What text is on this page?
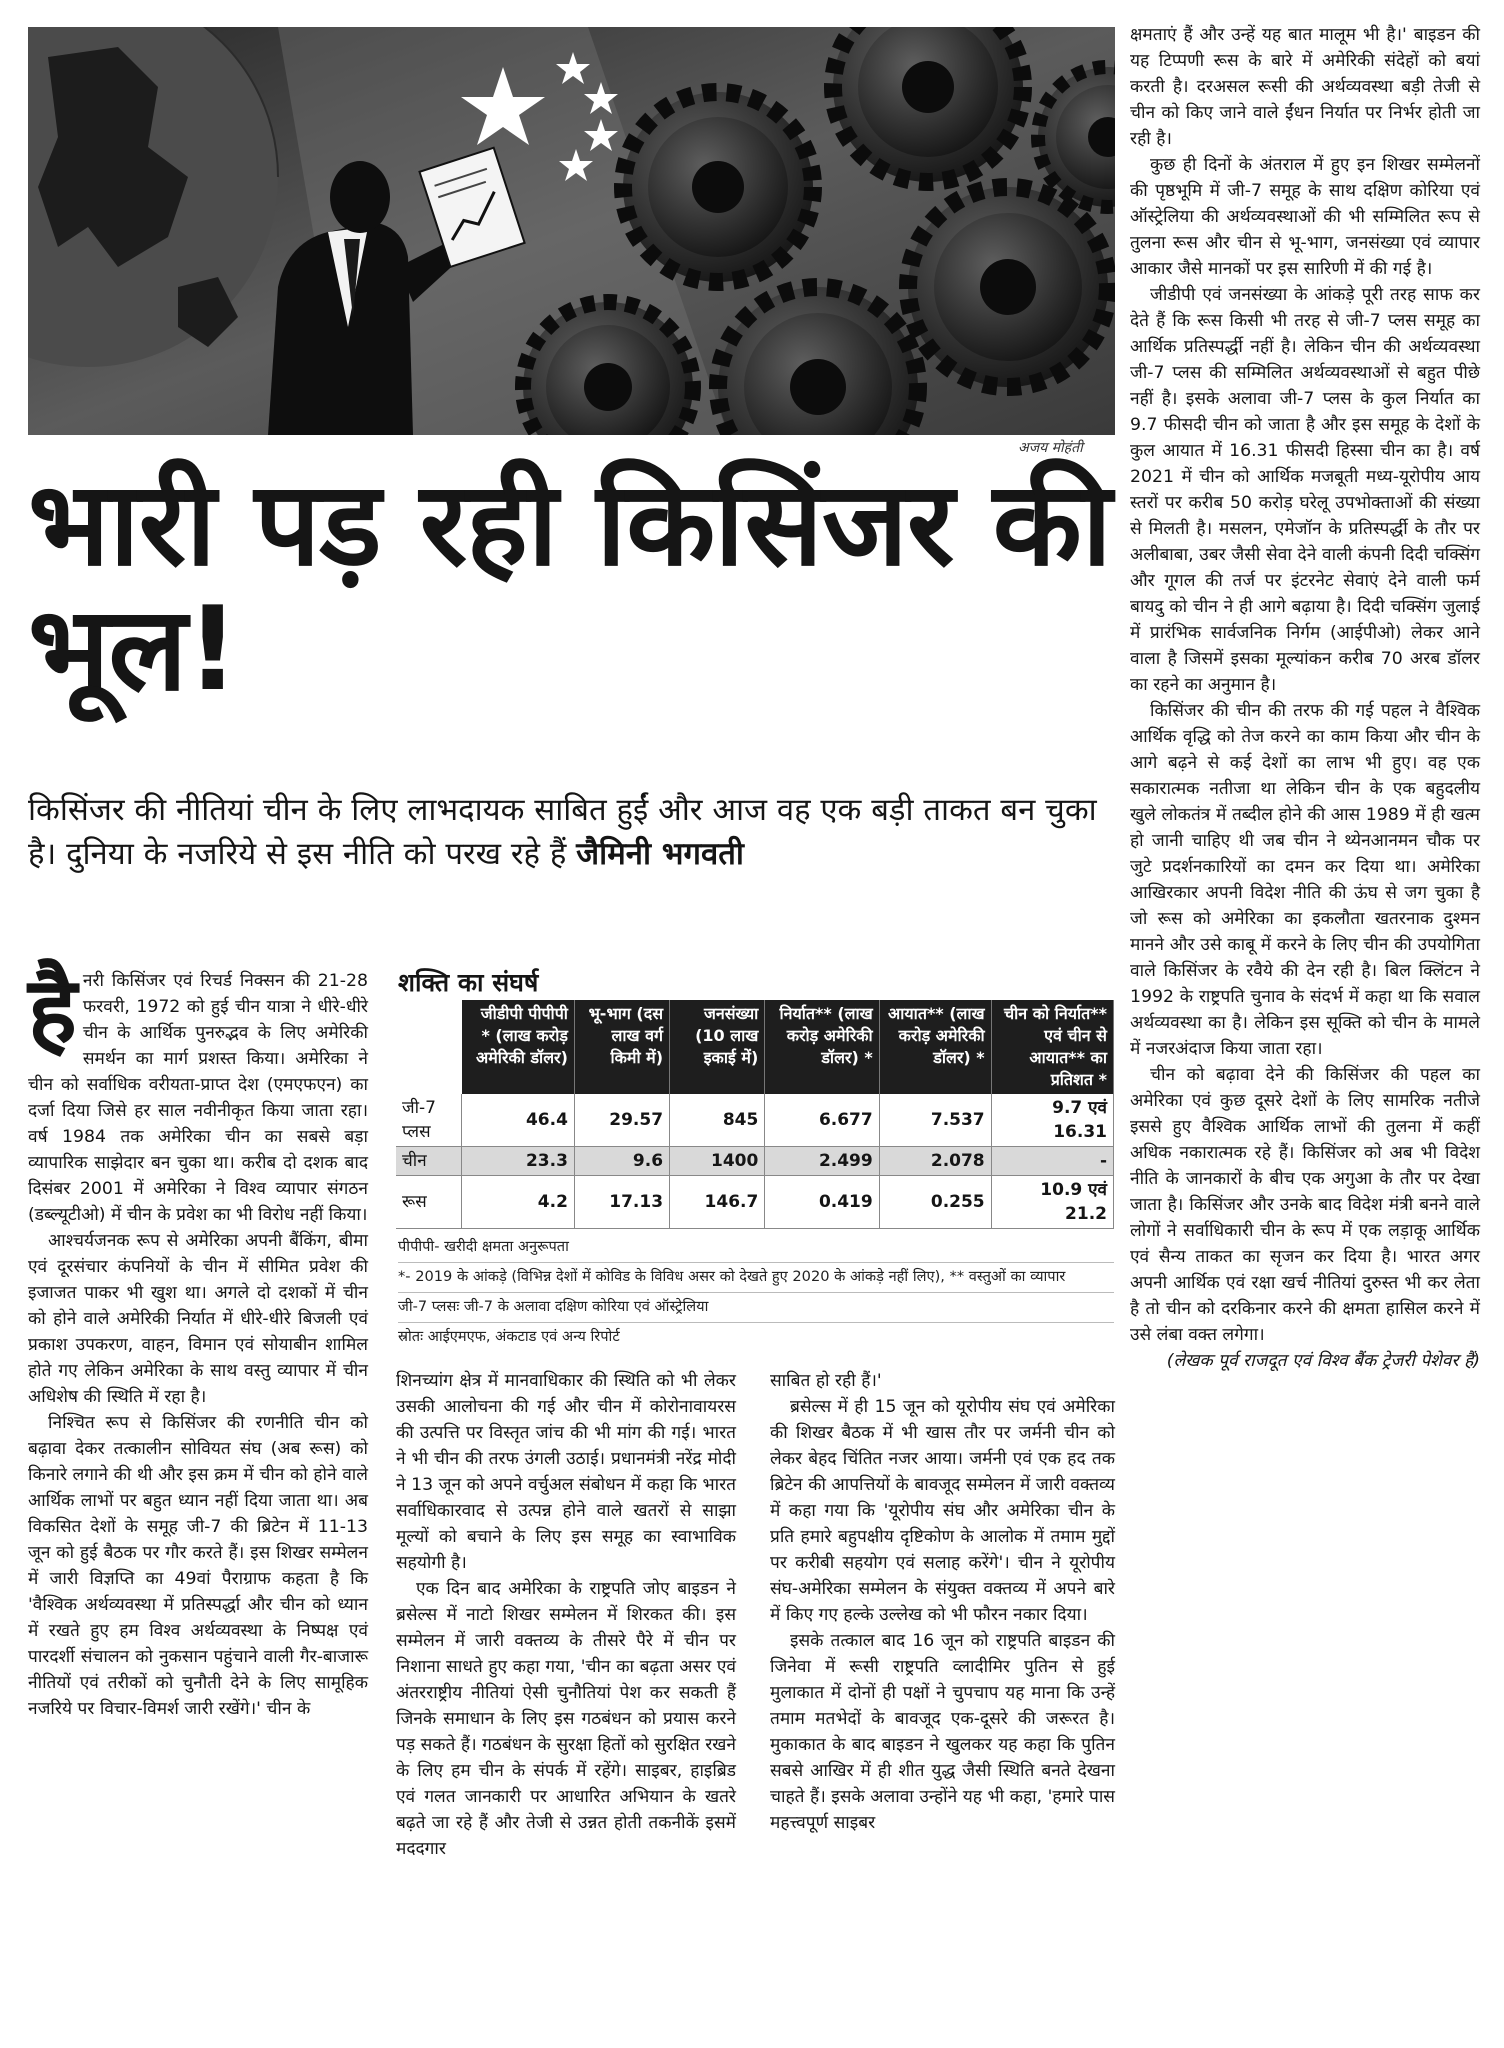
अजय मोहंती
भारी पड़ रही किसिंजर की भूल!
किसिंजर की नीतियां चीन के लिए लाभदायक साबित हुईं और आज वह एक बड़ी ताकत बन चुका है। दुनिया के नजरिये से इस नीति को परख रहे हैं जैमिनी भगवती

हैनरी किसिंजर एवं रिचर्ड निक्सन की 21-28 फरवरी, 1972 को हुई चीन यात्रा ने धीरे-धीरे चीन के आर्थिक पुनरुद्भव के लिए अमेरिकी समर्थन का मार्ग प्रशस्त किया। अमेरिका ने चीन को सर्वाधिक वरीयता-प्राप्त देश (एमएफएन) का दर्जा दिया जिसे हर साल नवीनीकृत किया जाता रहा। वर्ष 1984 तक अमेरिका चीन का सबसे बड़ा व्यापारिक साझेदार बन चुका था। करीब दो दशक बाद दिसंबर 2001 में अमेरिका ने विश्व व्यापार संगठन (डब्ल्यूटीओ) में चीन के प्रवेश का भी विरोध नहीं किया।

आश्चर्यजनक रूप से अमेरिका अपनी बैंकिंग, बीमा एवं दूरसंचार कंपनियों के चीन में सीमित प्रवेश की इजाजत पाकर भी खुश था। अगले दो दशकों में चीन को होने वाले अमेरिकी निर्यात में धीरे-धीरे बिजली एवं प्रकाश उपकरण, वाहन, विमान एवं सोयाबीन शामिल होते गए लेकिन अमेरिका के साथ वस्तु व्यापार में चीन अधिशेष की स्थिति में रहा है।

निश्चित रूप से किसिंजर की रणनीति चीन को बढ़ावा देकर तत्कालीन सोवियत संघ (अब रूस) को किनारे लगाने की थी और इस क्रम में चीन को होने वाले आर्थिक लाभों पर बहुत ध्यान नहीं दिया जाता था। अब विकसित देशों के समूह जी-7 की ब्रिटेन में 11-13 जून को हुई बैठक पर गौर करते हैं। इस शिखर सम्मेलन में जारी विज्ञप्ति का 49वां पैराग्राफ कहता है कि 'वैश्विक अर्थव्यवस्था में प्रतिस्पर्द्धा और चीन को ध्यान में रखते हुए हम विश्व अर्थव्यवस्था के निष्पक्ष एवं पारदर्शी संचालन को नुकसान पहुंचाने वाली गैर-बाजारू नीतियों एवं तरीकों को चुनौती देने के लिए सामूहिक नजरिये पर विचार-विमर्श जारी रखेंगे।' चीन के

शक्ति का संघर्ष
	जीडीपी पीपीपी * (लाख करोड़ अमेरिकी डॉलर)	भू-भाग (दस लाख वर्ग किमी में)	जनसंख्या (10 लाख इकाई में)	निर्यात** (लाख करोड़ अमेरिकी डॉलर) *	आयात** (लाख करोड़ अमेरिकी डॉलर) *	चीन को निर्यात** एवं चीन से आयात** का प्रतिशत *
जी-7 प्लस	46.4	29.57	845	6.677	7.537	9.7 एवं 16.31
चीन	23.3	9.6	1400	2.499	2.078	-
रूस	4.2	17.13	146.7	0.419	0.255	10.9 एवं 21.2
पीपीपी- खरीदी क्षमता अनुरूपता
*- 2019 के आंकड़े (विभिन्न देशों में कोविड के विविध असर को देखते हुए 2020 के आंकड़े नहीं लिए), ** वस्तुओं का व्यापार
जी-7 प्लसः जी-7 के अलावा दक्षिण कोरिया एवं ऑस्ट्रेलिया
स्रोतः आईएमएफ, अंकटाड एवं अन्य रिपोर्ट

शिनच्यांग क्षेत्र में मानवाधिकार की स्थिति को भी लेकर उसकी आलोचना की गई और चीन में कोरोनावायरस की उत्पत्ति पर विस्तृत जांच की भी मांग की गई। भारत ने भी चीन की तरफ उंगली उठाई। प्रधानमंत्री नरेंद्र मोदी ने 13 जून को अपने वर्चुअल संबोधन में कहा कि भारत सर्वाधिकारवाद से उत्पन्न होने वाले खतरों से साझा मूल्यों को बचाने के लिए इस समूह का स्वाभाविक सहयोगी है।

एक दिन बाद अमेरिका के राष्ट्रपति जोए बाइडन ने ब्रसेल्स में नाटो शिखर सम्मेलन में शिरकत की। इस सम्मेलन में जारी वक्तव्य के तीसरे पैरे में चीन पर निशाना साधते हुए कहा गया, 'चीन का बढ़ता असर एवं अंतरराष्ट्रीय नीतियां ऐसी चुनौतियां पेश कर सकती हैं जिनके समाधान के लिए इस गठबंधन को प्रयास करने पड़ सकते हैं। गठबंधन के सुरक्षा हितों को सुरक्षित रखने के लिए हम चीन के संपर्क में रहेंगे। साइबर, हाइब्रिड एवं गलत जानकारी पर आधारित अभियान के खतरे बढ़ते जा रहे हैं और तेजी से उन्नत होती तकनीकें इसमें मददगार

साबित हो रही हैं।'

ब्रसेल्स में ही 15 जून को यूरोपीय संघ एवं अमेरिका की शिखर बैठक में भी खास तौर पर जर्मनी चीन को लेकर बेहद चिंतित नजर आया। जर्मनी एवं एक हद तक ब्रिटेन की आपत्तियों के बावजूद सम्मेलन में जारी वक्तव्य में कहा गया कि 'यूरोपीय संघ और अमेरिका चीन के प्रति हमारे बहुपक्षीय दृष्टिकोण के आलोक में तमाम मुद्दों पर करीबी सहयोग एवं सलाह करेंगे'। चीन ने यूरोपीय संघ-अमेरिका सम्मेलन के संयुक्त वक्तव्य में अपने बारे में किए गए हल्के उल्लेख को भी फौरन नकार दिया।

इसके तत्काल बाद 16 जून को राष्ट्रपति बाइडन की जिनेवा में रूसी राष्ट्रपति व्लादीमिर पुतिन से हुई मुलाकात में दोनों ही पक्षों ने चुपचाप यह माना कि उन्हें तमाम मतभेदों के बावजूद एक-दूसरे की जरूरत है। मुकाकात के बाद बाइडन ने खुलकर यह कहा कि पुतिन सबसे आखिर में ही शीत युद्ध जैसी स्थिति बनते देखना चाहते हैं। इसके अलावा उन्होंने यह भी कहा, 'हमारे पास महत्त्वपूर्ण साइबर

क्षमताएं हैं और उन्हें यह बात मालूम भी है।' बाइडन की यह टिप्पणी रूस के बारे में अमेरिकी संदेहों को बयां करती है। दरअसल रूसी की अर्थव्यवस्था बड़ी तेजी से चीन को किए जाने वाले ईंधन निर्यात पर निर्भर होती जा रही है।

कुछ ही दिनों के अंतराल में हुए इन शिखर सम्मेलनों की पृष्ठभूमि में जी-7 समूह के साथ दक्षिण कोरिया एवं ऑस्ट्रेलिया की अर्थव्यवस्थाओं की भी सम्मिलित रूप से तुलना रूस और चीन से भू-भाग, जनसंख्या एवं व्यापार आकार जैसे मानकों पर इस सारिणी में की गई है।

जीडीपी एवं जनसंख्या के आंकड़े पूरी तरह साफ कर देते हैं कि रूस किसी भी तरह से जी-7 प्लस समूह का आर्थिक प्रतिस्पर्द्धी नहीं है। लेकिन चीन की अर्थव्यवस्था जी-7 प्लस की सम्मिलित अर्थव्यवस्थाओं से बहुत पीछे नहीं है। इसके अलावा जी-7 प्लस के कुल निर्यात का 9.7 फीसदी चीन को जाता है और इस समूह के देशों के कुल आयात में 16.31 फीसदी हिस्सा चीन का है। वर्ष 2021 में चीन को आर्थिक मजबूती मध्य-यूरोपीय आय स्तरों पर करीब 50 करोड़ घरेलू उपभोक्ताओं की संख्या से मिलती है। मसलन, एमेजॉन के प्रतिस्पर्द्धी के तौर पर अलीबाबा, उबर जैसी सेवा देने वाली कंपनी दिदी चक्सिंग और गूगल की तर्ज पर इंटरनेट सेवाएं देने वाली फर्म बायदु को चीन ने ही आगे बढ़ाया है। दिदी चक्सिंग जुलाई में प्रारंभिक सार्वजनिक निर्गम (आईपीओ) लेकर आने वाला है जिसमें इसका मूल्यांकन करीब 70 अरब डॉलर का रहने का अनुमान है।

किसिंजर की चीन की तरफ की गई पहल ने वैश्विक आर्थिक वृद्धि को तेज करने का काम किया और चीन के आगे बढ़ने से कई देशों का लाभ भी हुए। वह एक सकारात्मक नतीजा था लेकिन चीन के एक बहुदलीय खुले लोकतंत्र में तब्दील होने की आस 1989 में ही खत्म हो जानी चाहिए थी जब चीन ने थ्येनआनमन चौक पर जुटे प्रदर्शनकारियों का दमन कर दिया था। अमेरिका आखिरकार अपनी विदेश नीति की ऊंघ से जग चुका है जो रूस को अमेरिका का इकलौता खतरनाक दुश्मन मानने और उसे काबू में करने के लिए चीन की उपयोगिता वाले किसिंजर के रवैये की देन रही है। बिल क्लिंटन ने 1992 के राष्ट्रपति चुनाव के संदर्भ में कहा था कि सवाल अर्थव्यवस्था का है। लेकिन इस सूक्ति को चीन के मामले में नजरअंदाज किया जाता रहा।

चीन को बढ़ावा देने की किसिंजर की पहल का अमेरिका एवं कुछ दूसरे देशों के लिए सामरिक नतीजे इससे हुए वैश्विक आर्थिक लाभों की तुलना में कहीं अधिक नकारात्मक रहे हैं। किसिंजर को अब भी विदेश नीति के जानकारों के बीच एक अगुआ के तौर पर देखा जाता है। किसिंजर और उनके बाद विदेश मंत्री बनने वाले लोगों ने सर्वाधिकारी चीन के रूप में एक लड़ाकू आर्थिक एवं सैन्य ताकत का सृजन कर दिया है। भारत अगर अपनी आर्थिक एवं रक्षा खर्च नीतियां दुरुस्त भी कर लेता है तो चीन को दरकिनार करने की क्षमता हासिल करने में उसे लंबा वक्त लगेगा।

(लेखक पूर्व राजदूत एवं विश्व बैंक ट्रेजरी पेशेवर हैं)
